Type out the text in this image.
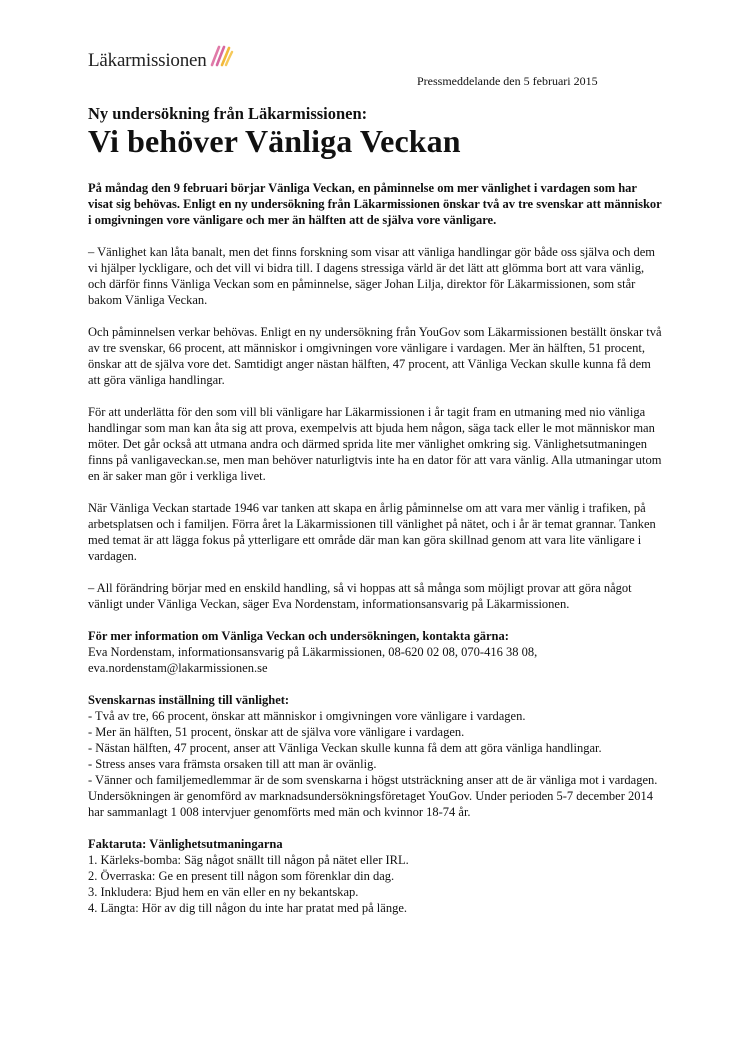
Läkarmissionen
Pressmeddelande den 5 februari 2015
Ny undersökning från Läkarmissionen:
Vi behöver Vänliga Veckan

På måndag den 9 februari börjar Vänliga Veckan, en påminnelse om mer vänlighet i vardagen som har visat sig behövas. Enligt en ny undersökning från Läkarmissionen önskar två av tre svenskar att människor i omgivningen vore vänligare och mer än hälften att de själva vore vänligare.

– Vänlighet kan låta banalt, men det finns forskning som visar att vänliga handlingar gör både oss själva och dem vi hjälper lyckligare, och det vill vi bidra till. I dagens stressiga värld är det lätt att glömma bort att vara vänlig, och därför finns Vänliga Veckan som en påminnelse, säger Johan Lilja, direktor för Läkarmissionen, som står bakom Vänliga Veckan.

Och påminnelsen verkar behövas. Enligt en ny undersökning från YouGov som Läkarmissionen beställt önskar två av tre svenskar, 66 procent, att människor i omgivningen vore vänligare i vardagen. Mer än hälften, 51 procent, önskar att de själva vore det. Samtidigt anger nästan hälften, 47 procent, att Vänliga Veckan skulle kunna få dem att göra vänliga handlingar.

För att underlätta för den som vill bli vänligare har Läkarmissionen i år tagit fram en utmaning med nio vänliga handlingar som man kan åta sig att prova, exempelvis att bjuda hem någon, säga tack eller le mot människor man möter. Det går också att utmana andra och därmed sprida lite mer vänlighet omkring sig. Vänlighetsutmaningen finns på vanligaveckan.se, men man behöver naturligtvis inte ha en dator för att vara vänlig. Alla utmaningar utom en är saker man gör i verkliga livet.

När Vänliga Veckan startade 1946 var tanken att skapa en årlig påminnelse om att vara mer vänlig i trafiken, på arbetsplatsen och i familjen. Förra året la Läkarmissionen till vänlighet på nätet, och i år är temat grannar. Tanken med temat är att lägga fokus på ytterligare ett område där man kan göra skillnad genom att vara lite vänligare i vardagen.

– All förändring börjar med en enskild handling, så vi hoppas att så många som möjligt provar att göra något vänligt under Vänliga Veckan, säger Eva Nordenstam, informationsansvarig på Läkarmissionen.

För mer information om Vänliga Veckan och undersökningen, kontakta gärna:
Eva Nordenstam, informationsansvarig på Läkarmissionen, 08-620 02 08, 070-416 38 08,
eva.nordenstam@lakarmissionen.se
Svenskarnas inställning till vänlighet:
- Två av tre, 66 procent, önskar att människor i omgivningen vore vänligare i vardagen.
- Mer än hälften, 51 procent, önskar att de själva vore vänligare i vardagen.
- Nästan hälften, 47 procent, anser att Vänliga Veckan skulle kunna få dem att göra vänliga handlingar.
- Stress anses vara främsta orsaken till att man är ovänlig.
- Vänner och familjemedlemmar är de som svenskarna i högst utsträckning anser att de är vänliga mot i vardagen.
Undersökningen är genomförd av marknadsundersökningsföretaget YouGov. Under perioden 5-7 december 2014 har sammanlagt 1 008 intervjuer genomförts med män och kvinnor 18-74 år.
Faktaruta: Vänlighetsutmaningarna
1. Kärleks-bomba: Säg något snällt till någon på nätet eller IRL.
2. Överraska: Ge en present till någon som förenklar din dag.
3. Inkludera: Bjud hem en vän eller en ny bekantskap.
4. Längta: Hör av dig till någon du inte har pratat med på länge.
